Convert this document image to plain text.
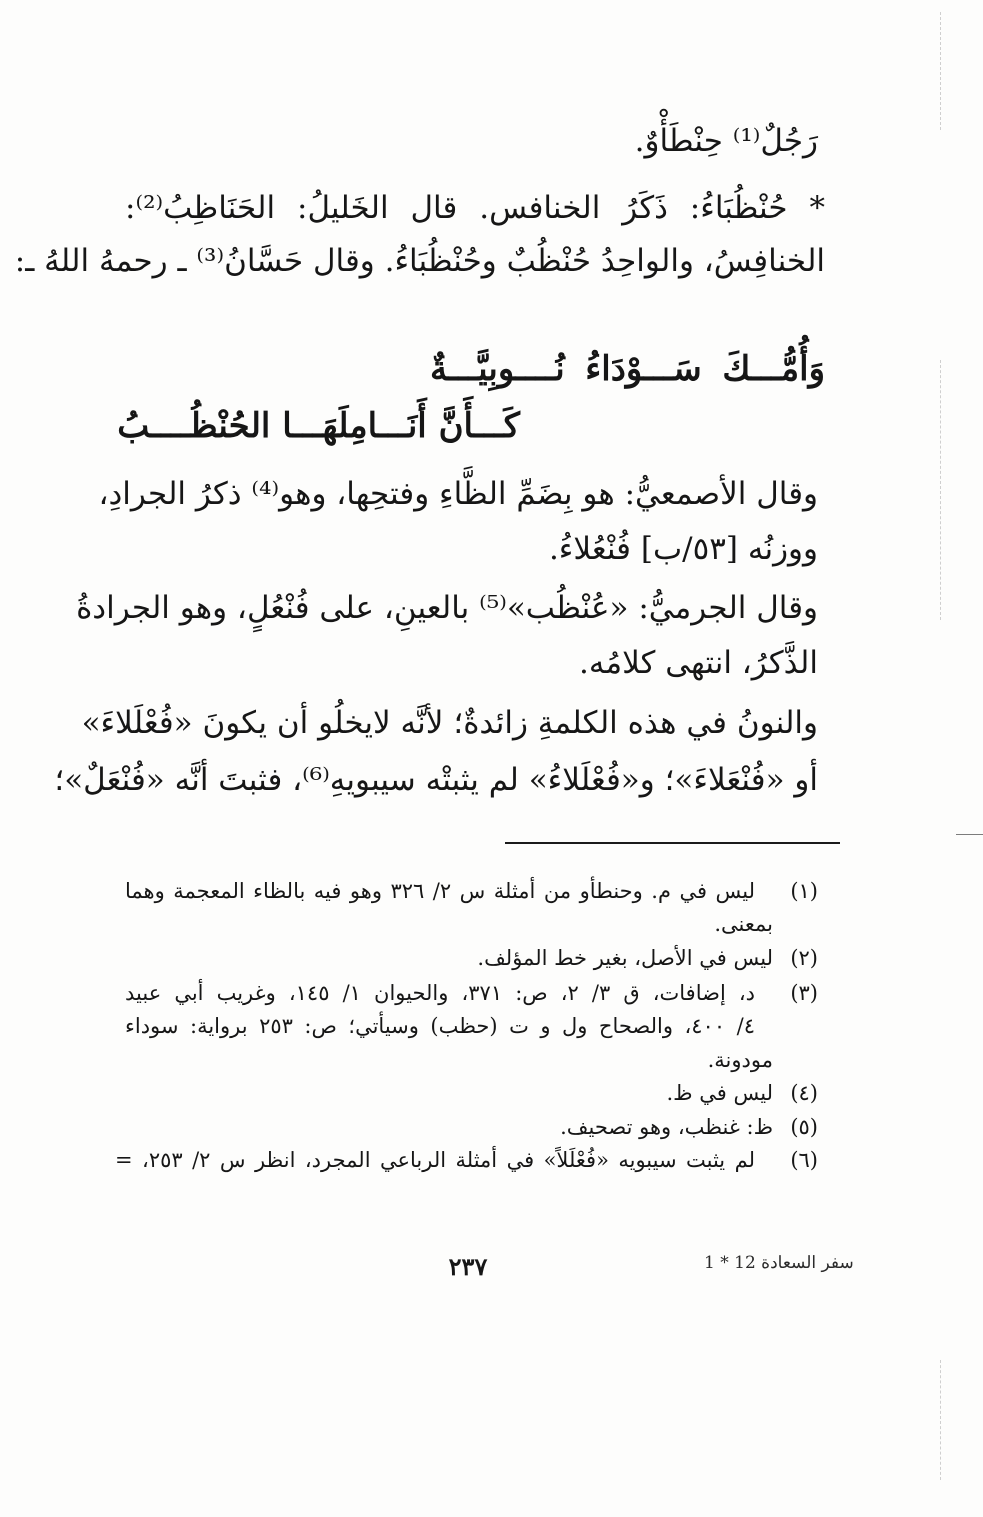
رَجُلٌ⁽¹⁾ حِنْطَأْوٌ.
* حُنْظُبَاءُ: ذَكَرُ الخنافس. قال الخَليلُ: الحَنَاظِبُ⁽²⁾:
الخنافِسُ، والواحِدُ حُنْظُبٌ وحُنْظُبَاءُ. وقال حَسَّانُ⁽³⁾ ـ رحمهُ اللهُ ـ:
وَأُمُّـــكَ سَـــوْدَاءُ نُــــوبِيَّـــةٌ
كَـــأَنَّ أَنَـــامِلَهَـــا الحُنْظُــــبُ
وقال الأصمعيُّ: هو بِضَمِّ الظَّاءِ وفتحِها، وهو⁽⁴⁾ ذكرُ الجرادِ،
ووزنُه [٥٣/ب] فُنْعُلاءُ.
وقال الجرميُّ: «عُنْظُب»⁽⁵⁾ بالعينِ، على فُنْعُلٍ، وهو الجرادةُ
الذَّكرُ، انتهى كلامُه.
والنونُ في هذه الكلمةِ زائدةٌ؛ لأنَّه لايخلُو أن يكونَ «فُعْلَلاءَ»
أو «فُنْعَلاءَ»؛ و«فُعْلَلاءُ» لم يثبتْه سيبويهِ⁽⁶⁾، فثبتَ أنَّه «فُنْعَلٌ»؛
(١)
ليس في م. وحنطأو من أمثلة س ٢/ ٣٢٦ وهو فيه بالظاء المعجمة وهما
بمعنى.
(٢)
ليس في الأصل، بغير خط المؤلف.
(٣)
د، إضافات، ق ٣/ ٢، ص: ٣٧١، والحيوان ١/ ١٤٥، وغريب أبي عبيد
٤/ ٤٠٠، والصحاح ول و ت (حظب) وسيأتي؛ ص: ٢٥٣ برواية: سوداء
مودونة.
(٤)
ليس في ظ.
(٥)
ظ: غنظب، وهو تصحيف.
(٦)
لم يثبت سيبويه «فُعْلَلاً» في أمثلة الرباعي المجرد، انظر س ٢/ ٢٥٣، =
سفر السعادة 12 * 1
٢٣٧
